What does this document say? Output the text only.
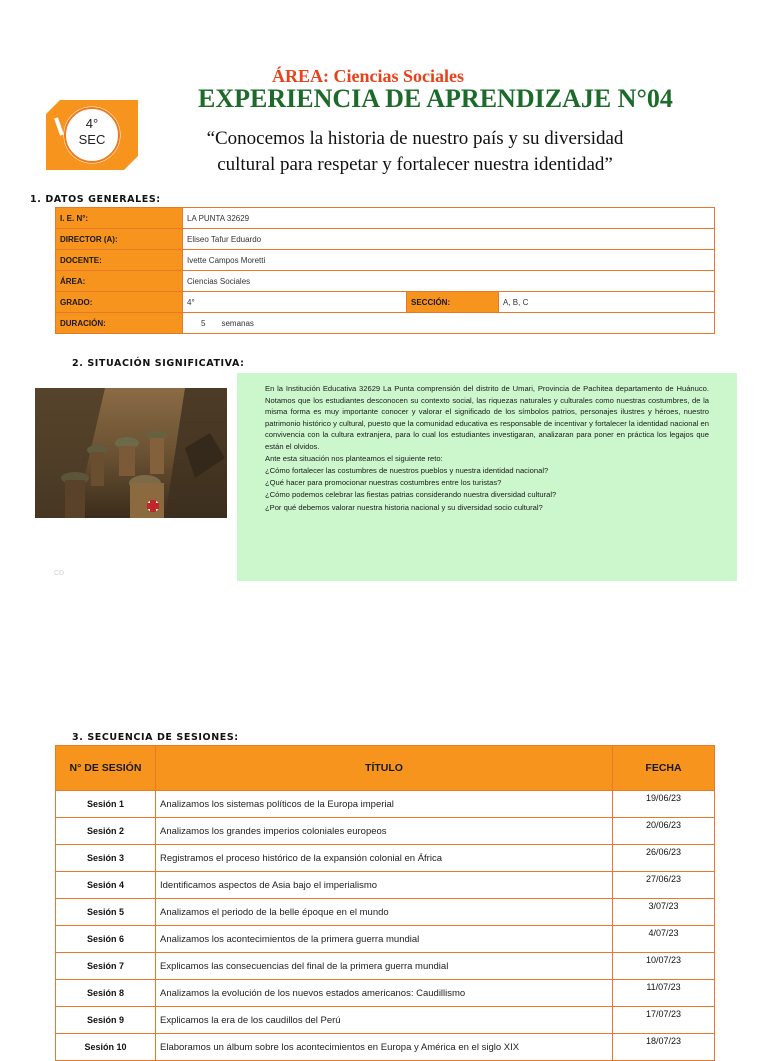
ÁREA: Ciencias Sociales
EXPERIENCIA DE APRENDIZAJE N°04
4°
SEC	“Conocemos la historia de nuestro país y su diversidad
cultural para respetar y fortalecer nuestra identidad”
1. DATOS GENERALES:
I. E. N°:	LA PUNTA 32629		
DIRECTOR (A):	Eliseo Tafur Eduardo		
DOCENTE:	Ivette Campos Moretti		
ÁREA:	Ciencias Sociales		
GRADO:	4°	SECCIÓN:	A, B, C
DURACIÓN:	5 semanas		
2. SITUACIÓN SIGNIFICATIVA:

En la Institución Educativa 32629 La Punta comprensión del distrito de Umari, Provincia de Pachitea departamento de Huánuco. Notamos que los estudiantes desconocen su contexto social, las riquezas naturales y culturales como nuestras costumbres, de la misma forma es muy importante conocer y valorar el significado de los símbolos patrios, personajes ilustres y héroes, nuestro patrimonio histórico y cultural, puesto que la comunidad educativa es responsable de incentivar y fortalecer la identidad nacional en convivencia con la cultura extranjera, para lo cual los estudiantes investigaran, analizaran para poner en práctica los legajos que están el olvidos.

Ante esta situación nos planteamos el siguiente reto:

¿Cómo fortalecer las costumbres de nuestros pueblos y nuestra identidad nacional?

¿Qué hacer para promocionar nuestras costumbres entre los turistas?

¿Cómo podemos celebrar las fiestas patrias considerando nuestra diversidad cultural?

¿Por qué debemos valorar nuestra historia nacional y su diversidad socio cultural?

CD
3. SECUENCIA DE SESIONES:
N° DE SESIÓN	TÍTULO	FECHA
Sesión 1	Analizamos los sistemas políticos de la Europa imperial	19/06/23
Sesión 2	Analizamos los grandes imperios coloniales europeos	20/06/23
Sesión 3	Registramos el proceso histórico de la expansión colonial en África	26/06/23
Sesión 4	Identificamos aspectos de Asia bajo el imperialismo	27/06/23
Sesión 5	Analizamos el periodo de la belle époque en el mundo	3/07/23
Sesión 6	Analizamos los acontecimientos de la primera guerra mundial	4/07/23
Sesión 7	Explicamos las consecuencias del final de la primera guerra mundial	10/07/23
Sesión 8	Analizamos la evolución de los nuevos estados americanos: Caudillismo	11/07/23
Sesión 9	Explicamos la era de los caudillos del Perú	17/07/23
Sesión 10	Elaboramos un álbum sobre los acontecimientos en Europa y América en el siglo XIX	18/07/23
